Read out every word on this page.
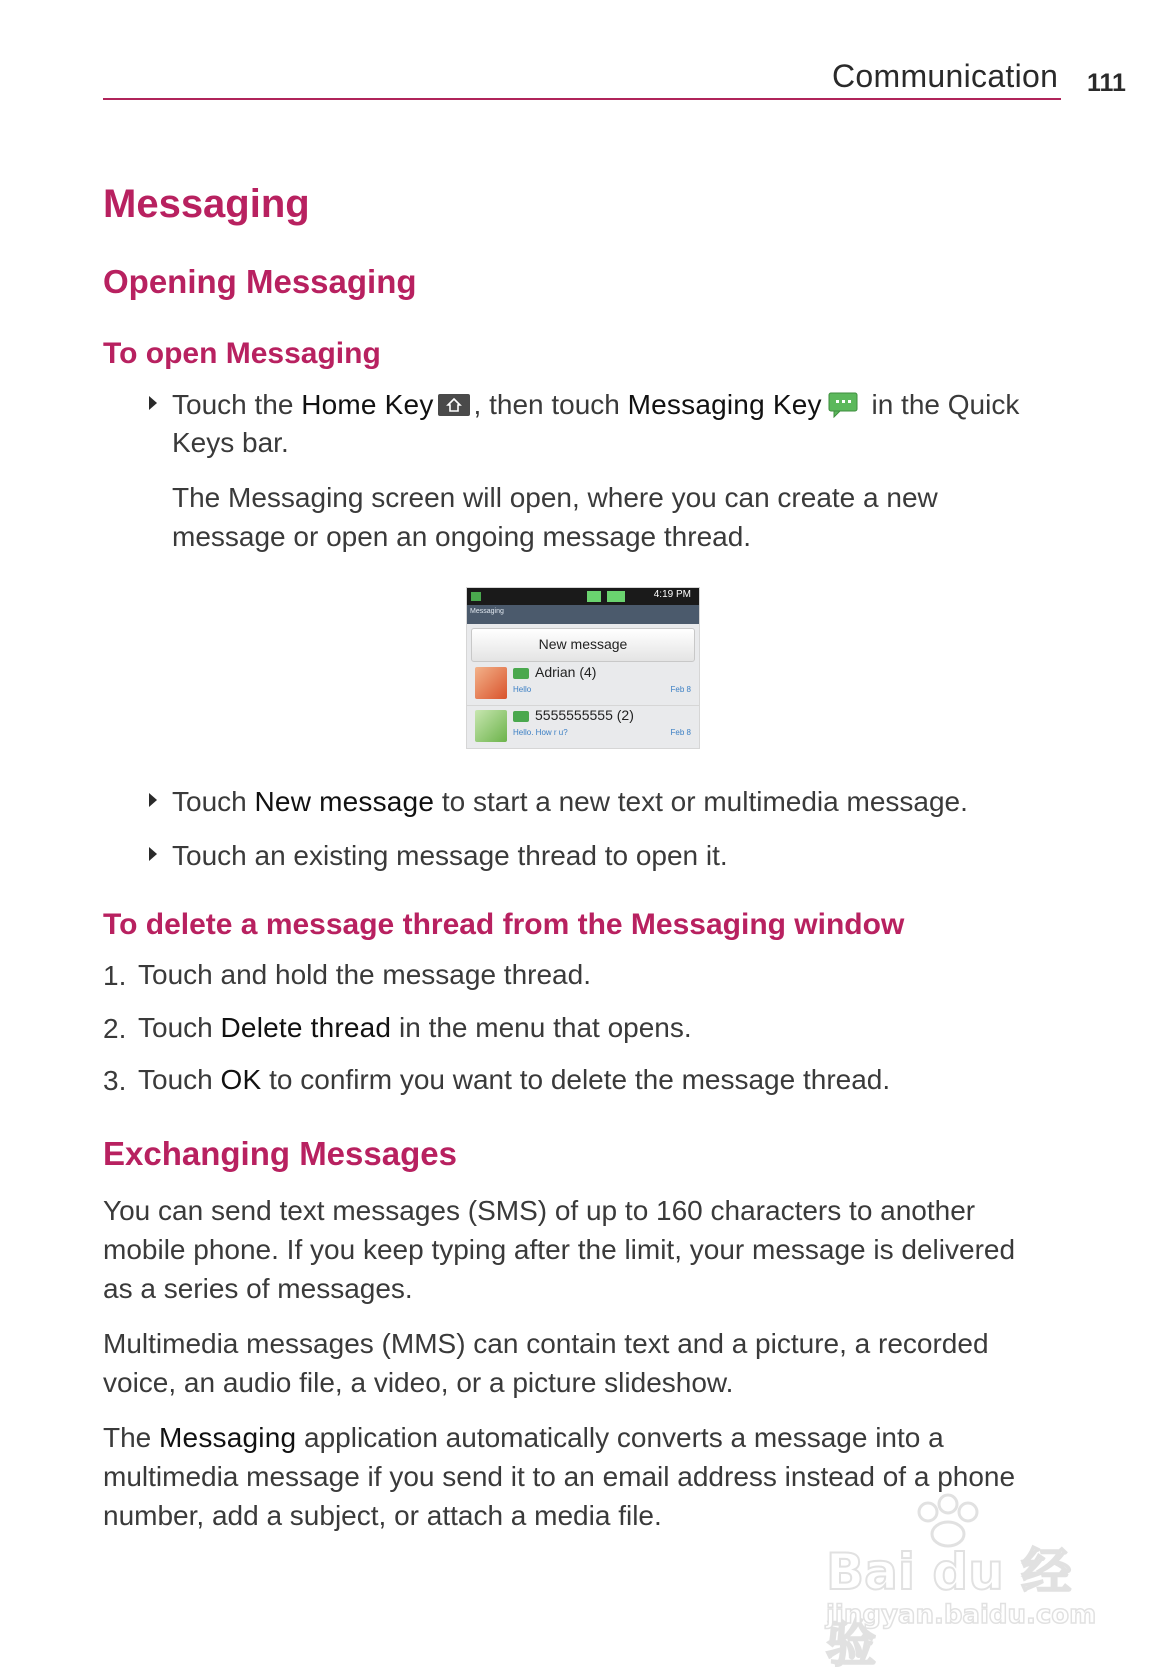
Communication 111
Messaging
Opening Messaging
To open Messaging

Touch the Home Key , then touch Messaging Key in the Quick

Keys bar.

The Messaging screen will open, where you can create a new

message or open an ongoing message thread.

4:19 PM
Messaging
New message
Adrian (4)
Hello	Feb 8
5555555555 (2)
Hello. How r u?	Feb 8

Touch New message to start a new text or multimedia message.

Touch an existing message thread to open it.

To delete a message thread from the Messaging window
1. Touch and hold the message thread.

2. Touch Delete thread in the menu that opens.

3. Touch OK to confirm you want to delete the message thread.

Exchanging Messages

You can send text messages (SMS) of up to 160 characters to another

mobile phone. If you keep typing after the limit, your message is delivered

as a series of messages.

Multimedia messages (MMS) can contain text and a picture, a recorded

voice, an audio file, a video, or a picture slideshow.

The Messaging application automatically converts a message into a

multimedia message if you send it to an email address instead of a phone

number, add a subject, or attach a media file.

Bai du 经验
jingyan.baidu.com
